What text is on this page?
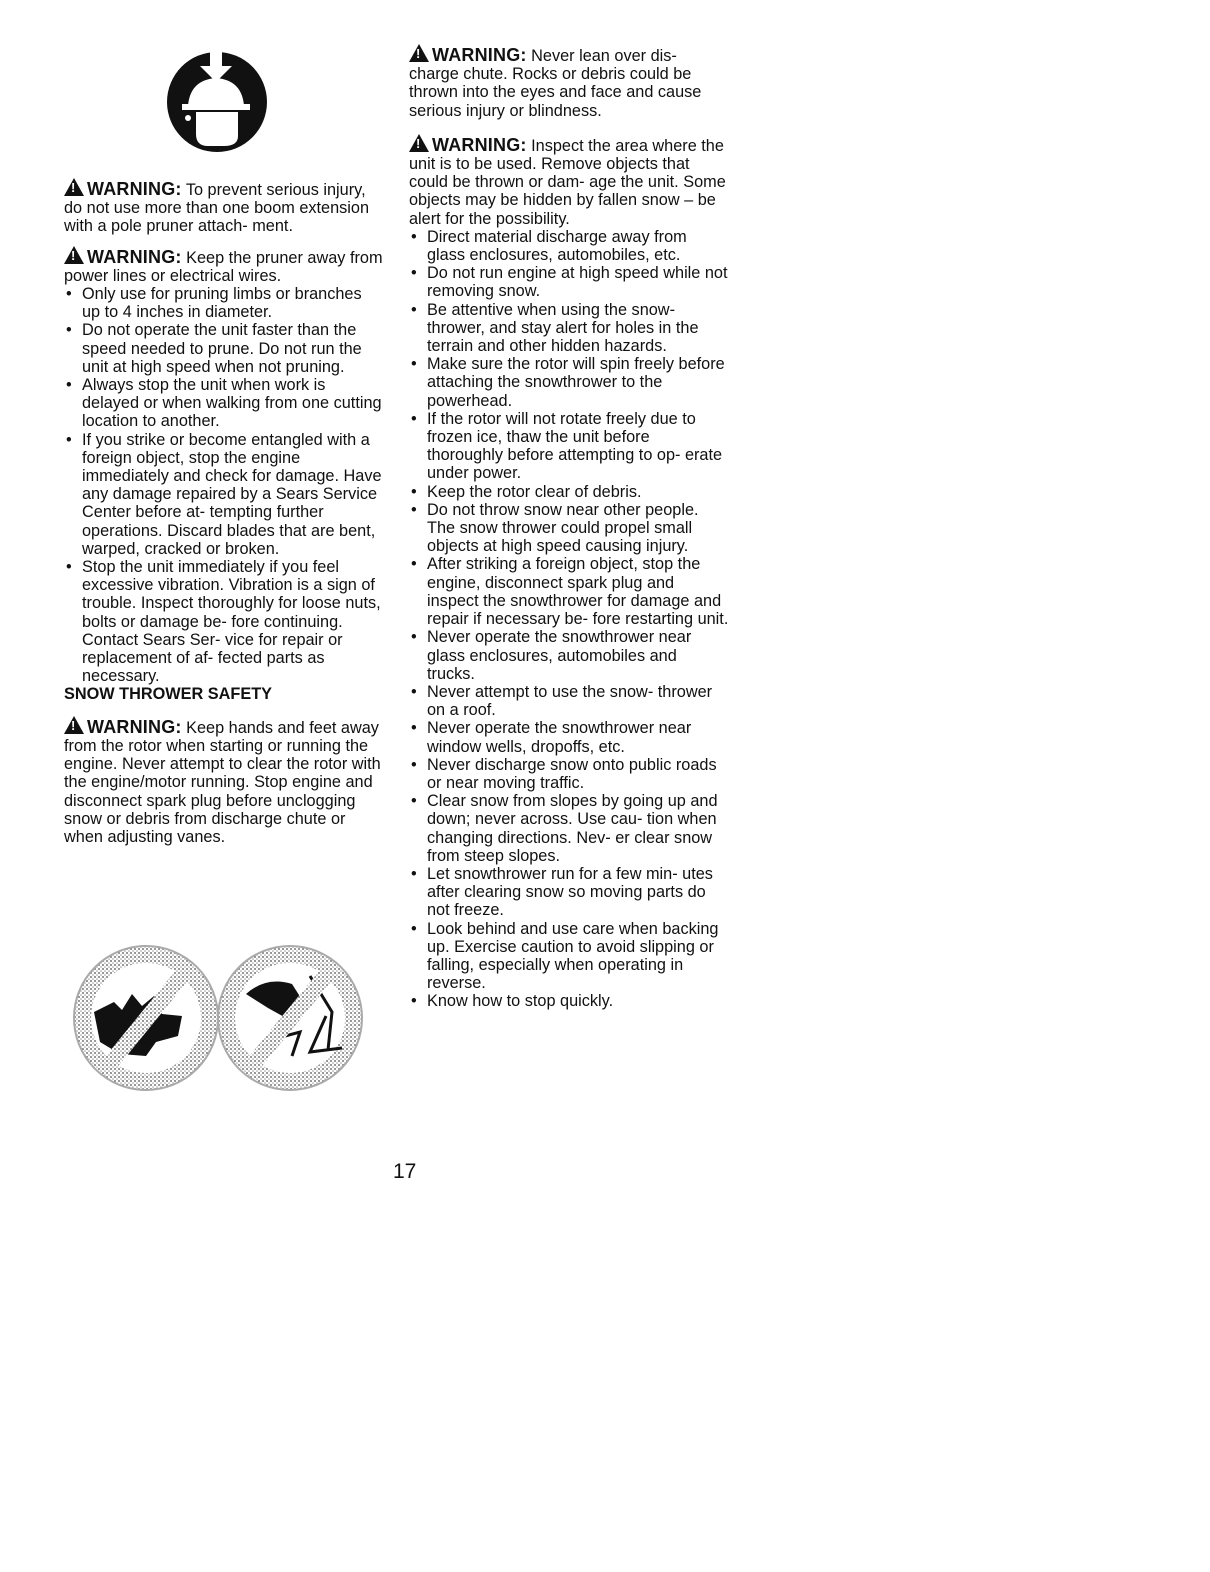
!WARNING: To prevent serious injury, do not use more than one boom extension with a pole pruner attach- ment.

!WARNING: Keep the pruner away from power lines or electrical wires.

• Only use for pruning limbs or branches up to 4 inches in diameter.
• Do not operate the unit faster than the speed needed to prune. Do not run the unit at high speed when not pruning.
• Always stop the unit when work is delayed or when walking from one cutting location to another.
• If you strike or become entangled with a foreign object, stop the engine immediately and check for damage. Have any damage repaired by a Sears Service Center before at- tempting further operations. Discard blades that are bent, warped, cracked or broken.
• Stop the unit immediately if you feel excessive vibration. Vibration is a sign of trouble. Inspect thoroughly for loose nuts, bolts or damage be- fore continuing. Contact Sears Ser- vice for repair or replacement of af- fected parts as necessary.

SNOW THROWER SAFETY

!WARNING: Keep hands and feet away from the rotor when starting or running the engine. Never attempt to clear the rotor with the engine/motor running. Stop engine and disconnect spark plug before unclogging snow or debris from discharge chute or when adjusting vanes.

!WARNING: Never lean over dis- charge chute. Rocks or debris could be thrown into the eyes and face and cause serious injury or blindness.

!WARNING: Inspect the area where the unit is to be used. Remove objects that could be thrown or dam- age the unit. Some objects may be hidden by fallen snow – be alert for the possibility.

• Direct material discharge away from glass enclosures, automobiles, etc.
• Do not run engine at high speed while not removing snow.
• Be attentive when using the snow- thrower, and stay alert for holes in the terrain and other hidden hazards.
• Make sure the rotor will spin freely before attaching the snowthrower to the powerhead.
• If the rotor will not rotate freely due to frozen ice, thaw the unit before thoroughly before attempting to op- erate under power.
• Keep the rotor clear of debris.
• Do not throw snow near other people. The snow thrower could propel small objects at high speed causing injury.
• After striking a foreign object, stop the engine, disconnect spark plug and inspect the snowthrower for damage and repair if necessary be- fore restarting unit.
• Never operate the snowthrower near glass enclosures, automobiles and trucks.
• Never attempt to use the snow- thrower on a roof.
• Never operate the snowthrower near window wells, dropoffs, etc.
• Never discharge snow onto public roads or near moving traffic.
• Clear snow from slopes by going up and down; never across. Use cau- tion when changing directions. Nev- er clear snow from steep slopes.
• Let snowthrower run for a few min- utes after clearing snow so moving parts do not freeze.
• Look behind and use care when backing up. Exercise caution to avoid slipping or falling, especially when operating in reverse.
• Know how to stop quickly.
17
